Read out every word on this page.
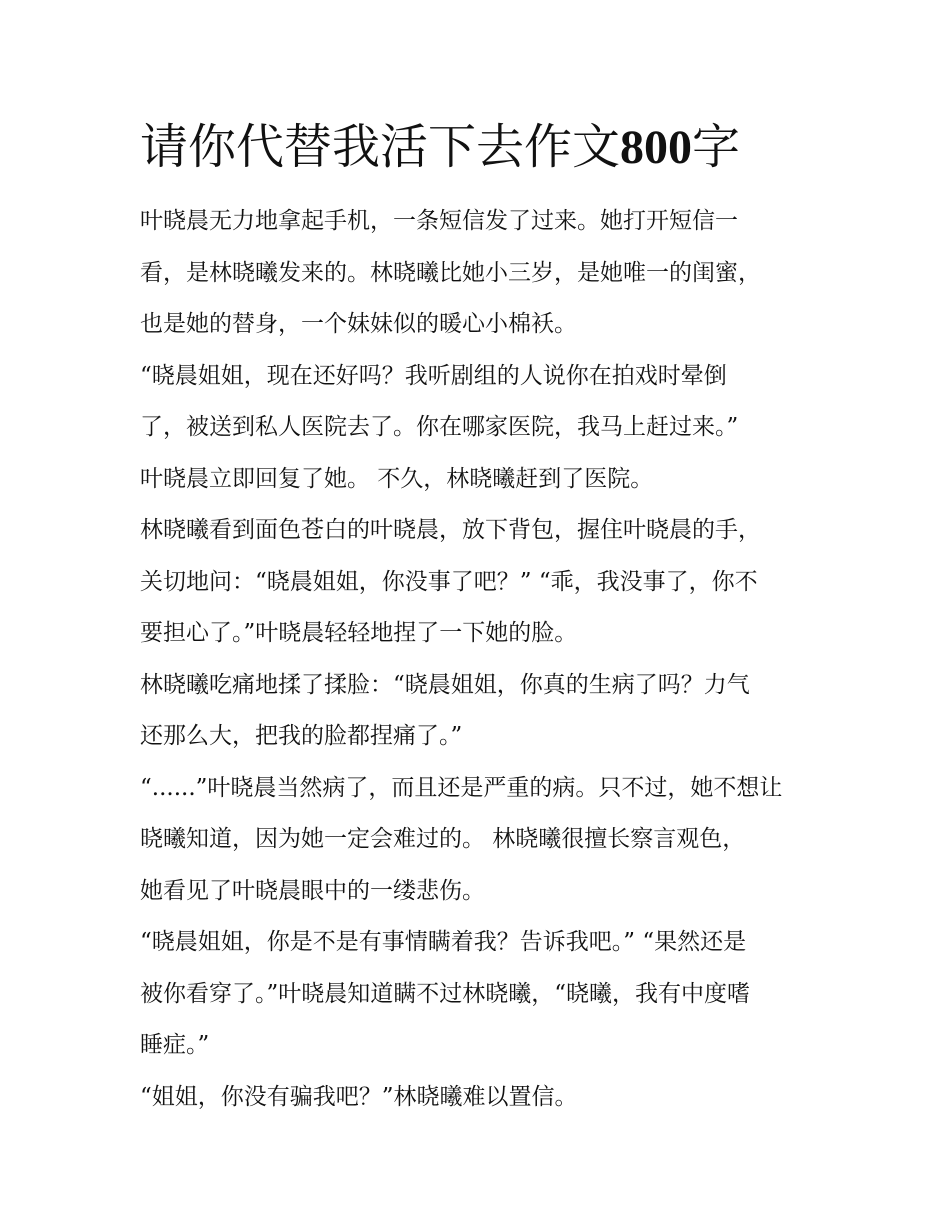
请你代替我活下去作文800字
叶晓晨无力地拿起手机，一条短信发了过来。她打开短信一
看，是林晓曦发来的。林晓曦比她小三岁，是她唯一的闺蜜，
也是她的替身，一个妹妹似的暖心小棉袄。
“晓晨姐姐，现在还好吗？我听剧组的人说你在拍戏时晕倒
了，被送到私人医院去了。你在哪家医院，我马上赶过来。”
叶晓晨立即回复了她。 不久，林晓曦赶到了医院。
林晓曦看到面色苍白的叶晓晨，放下背包，握住叶晓晨的手，
关切地问：“晓晨姐姐，你没事了吧？” “乖，我没事了，你不
要担心了。”叶晓晨轻轻地捏了一下她的脸。
林晓曦吃痛地揉了揉脸：“晓晨姐姐，你真的生病了吗？力气
还那么大，把我的脸都捏痛了。”
“......”叶晓晨当然病了，而且还是严重的病。只不过，她不想让
晓曦知道，因为她一定会难过的。 林晓曦很擅长察言观色，
她看见了叶晓晨眼中的一缕悲伤。
“晓晨姐姐，你是不是有事情瞒着我？告诉我吧。” “果然还是
被你看穿了。”叶晓晨知道瞒不过林晓曦，“晓曦，我有中度嗜
睡症。”
“姐姐，你没有骗我吧？”林晓曦难以置信。
